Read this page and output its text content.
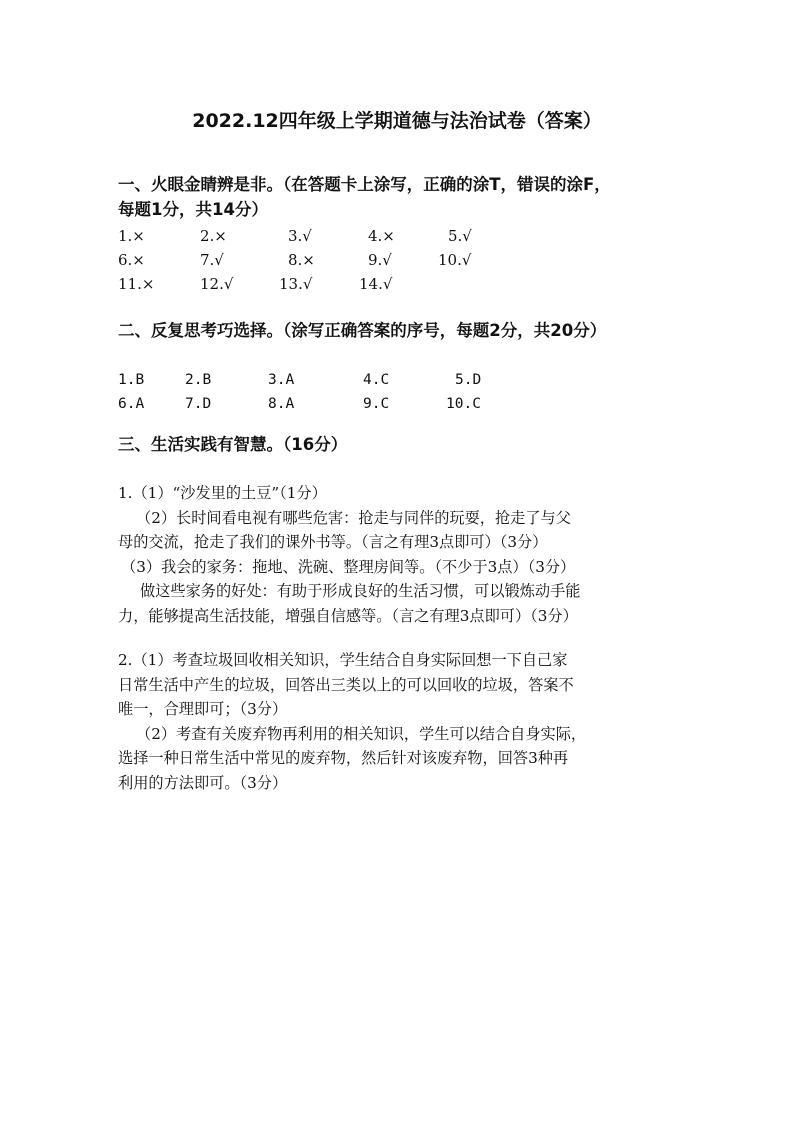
2022.12四年级上学期道德与法治试卷（答案）
一、火眼金睛辨是非。（在答题卡上涂写，正确的涂T，错误的涂F，
每题1分，共14分）
1.×	2.×	3.√	4.×	5.√
6.×	7.√	8.×	9.√	10.√
11.×	12.√	13.√	14.√
二、反复思考巧选择。（涂写正确答案的序号，每题2分，共20分）
1.B	2.B	3.A	4.C	5.D
6.A	7.D	8.A	9.C	10.C
三、生活实践有智慧。（16分）
1.（1）“沙发里的土豆”（1分）
（2）长时间看电视有哪些危害：抢走与同伴的玩耍，抢走了与父
母的交流，抢走了我们的课外书等。（言之有理3点即可）（3分）
（3）我会的家务：拖地、洗碗、整理房间等。（不少于3点）（3分）
做这些家务的好处：有助于形成良好的生活习惯，可以锻炼动手能
力，能够提高生活技能，增强自信感等。（言之有理3点即可）（3分）
2.（1）考查垃圾回收相关知识，学生结合自身实际回想一下自己家
日常生活中产生的垃圾，回答出三类以上的可以回收的垃圾，答案不
唯一，合理即可；（3分）
（2）考查有关废弃物再利用的相关知识，学生可以结合自身实际，
选择一种日常生活中常见的废弃物，然后针对该废弃物，回答3种再
利用的方法即可。（3分）
